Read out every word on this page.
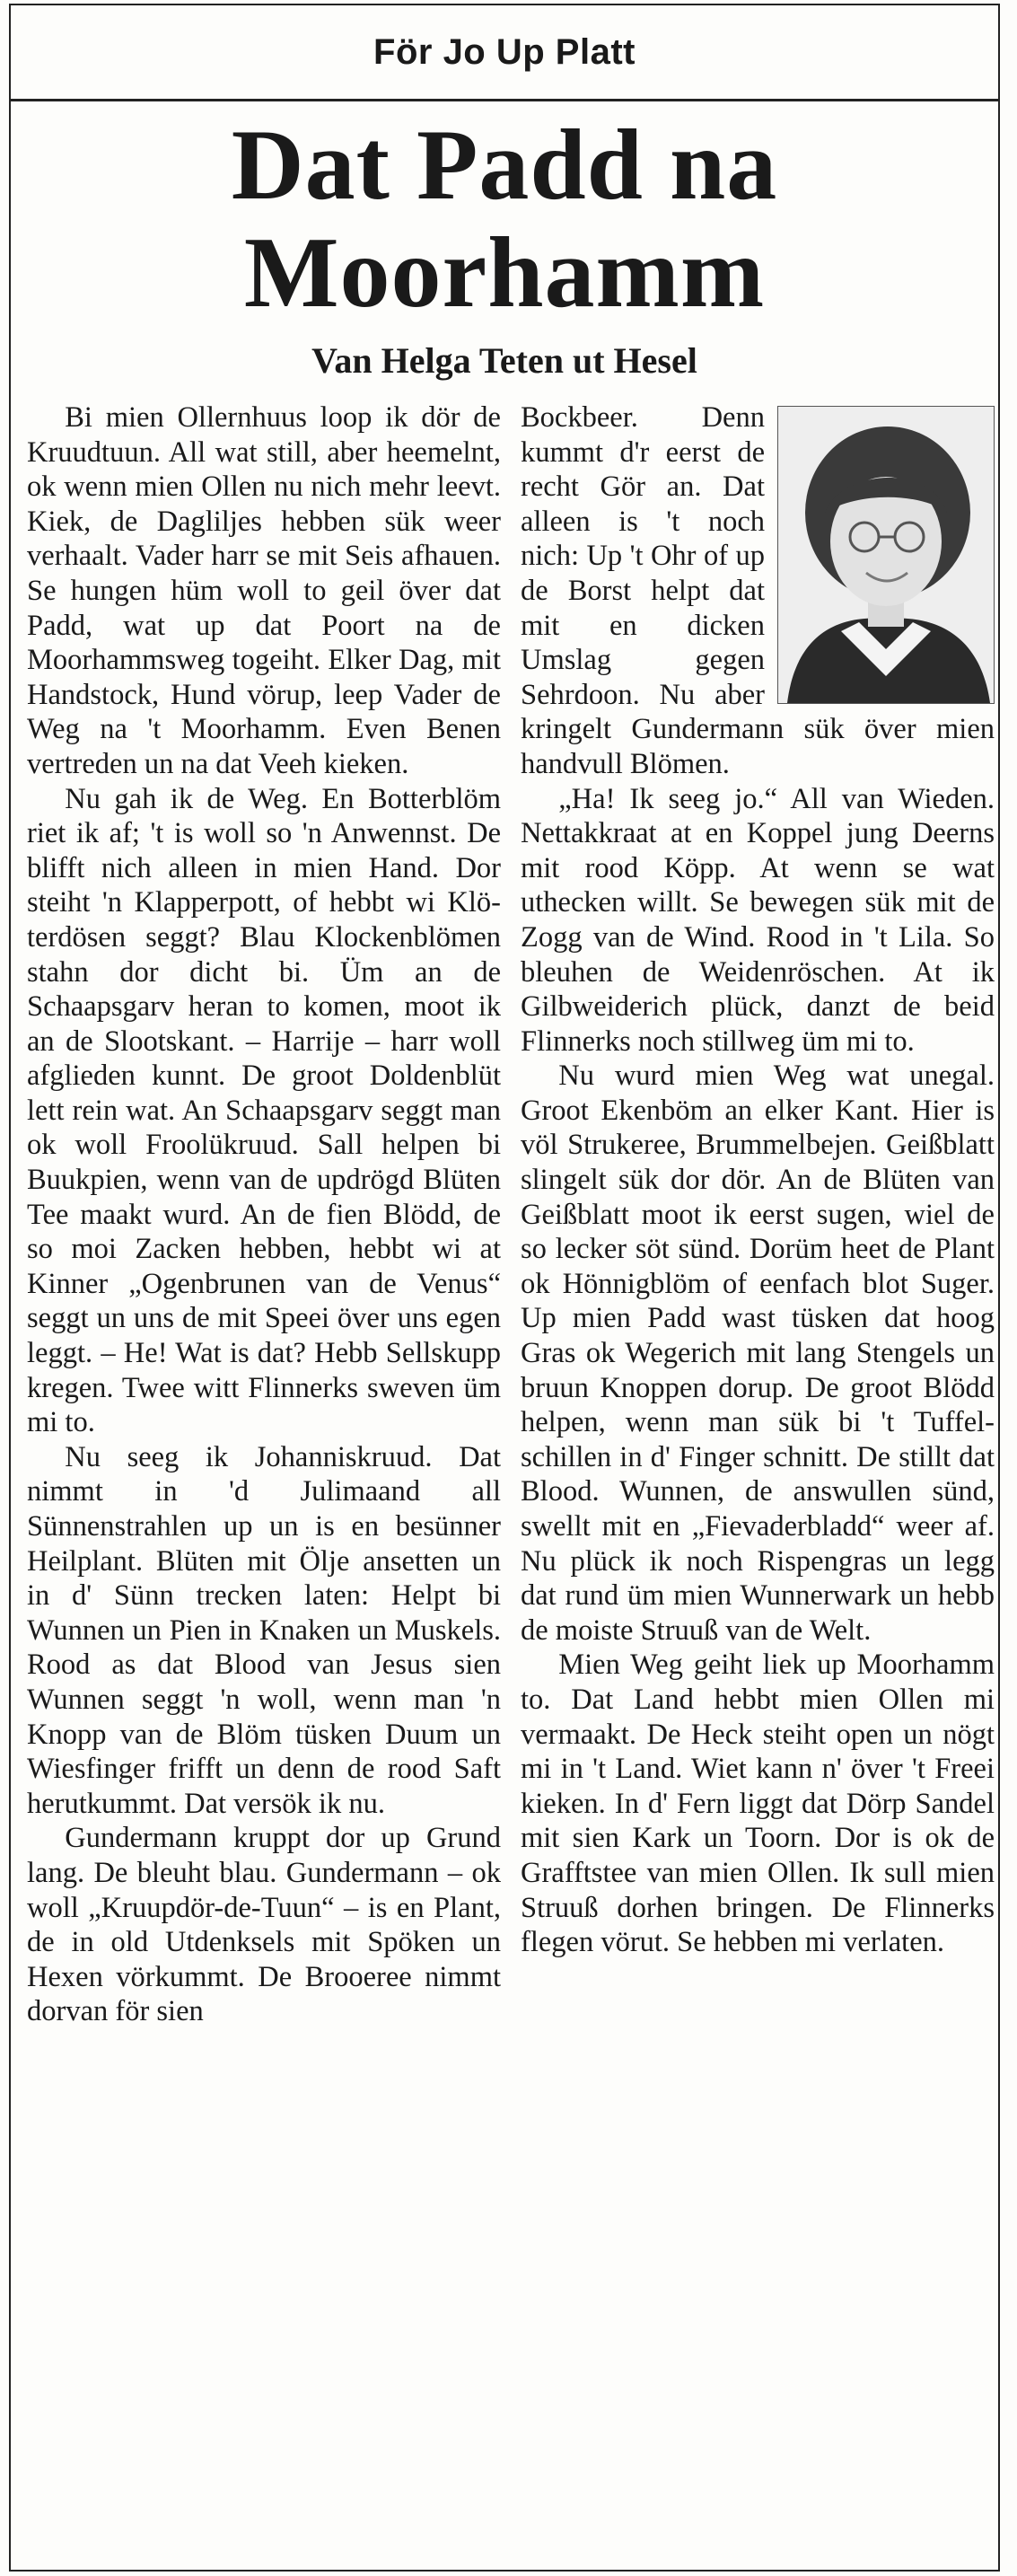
För Jo Up Platt
Dat Padd na
Moorhamm
Van Helga Teten ut Hesel

Bi mien Ollernhuus loop ik dör de Kruudtuun. All wat still, aber heemelnt, ok wenn mien Ollen nu nich mehr leevt. Kiek, de Dagliljes hebben sük weer verhaalt. Vader harr se mit Seis afhauen. Se hungen hüm woll to geil över dat Padd, wat up dat Poort na de Moorhammsweg togeiht. Elker Dag, mit Handstock, Hund vörup, leep Vader de Weg na 't Moorhamm. Even Benen vertreden un na dat Veeh kieken.

Nu gah ik de Weg. En Botterblöm riet ik af; 't is woll so 'n Anwennst. De blifft nich alleen in mien Hand. Dor steiht 'n Klapperpott, of hebbt wi Klöterdösen seggt? Blau Klockenblömen stahn dor dicht bi. Üm an de Schaapsgarv heran to komen, moot ik an de Slootskant. – Harrije – harr woll afglieden kunnt. De groot Doldenblüt lett rein wat. An Schaapsgarv seggt man ok woll Froolükruud. Sall helpen bi Buukpien, wenn van de updrögd Blüten Tee maakt wurd. An de fien Blödd, de so moi Zacken hebben, hebbt wi at Kinner „Ogenbrunen van de Venus“ seggt un uns de mit Speei över uns egen leggt. – He! Wat is dat? Hebb Sellskupp kregen. Twee witt Flinnerks sweven üm mi to.

Nu seeg ik Johanniskruud. Dat nimmt in 'd Julimaand all Sünnenstrahlen up un is en besünner Heilplant. Blüten mit Ölje ansetten un in d' Sünn trecken laten: Helpt bi Wunnen un Pien in Knaken un Muskels. Rood as dat Blood van Jesus sien Wunnen seggt 'n woll, wenn man 'n Knopp van de Blöm tüsken Duum un Wiesfinger frifft un denn de rood Saft herutkummt. Dat versök ik nu.

Gundermann kruppt dor up Grund lang. De bleuht blau. Gundermann – ok woll „Kruupdör-de-Tuun“ – is en Plant, de in old Utdenksels mit Spöken un Hexen vörkummt. De Brooeree nimmt dorvan för sien

Bockbeer. Denn kummt d'r eerst de recht Gör an. Dat alleen is 't noch nich: Up 't Ohr of up de Borst helpt dat mit en dicken Umslag gegen Sehrdoon. Nu aber kringelt Gundermann sük över mien handvull Blömen.

„Ha! Ik seeg jo.“ All van Wieden. Nettakkraat at en Koppel jung Deerns mit rood Köpp. At wenn se wat uthecken willt. Se bewegen sük mit de Zogg van de Wind. Rood in 't Lila. So bleuhen de Weidenröschen. At ik Gilbweiderich plück, danzt de beid Flinnerks noch stillweg üm mi to.

Nu wurd mien Weg wat unegal. Groot Ekenböm an elker Kant. Hier is völ Strukeree, Brummelbejen. Geißblatt slingelt sük dor dör. An de Blüten van Geißblatt moot ik eerst sugen, wiel de so lecker söt sünd. Dorüm heet de Plant ok Hönnigblöm of eenfach blot Suger. Up mien Padd wast tüsken dat hoog Gras ok Wegerich mit lang Stengels un bruun Knoppen dorup. De groot Blödd helpen, wenn man sük bi 't Tuffelschillen in d' Finger schnitt. De stillt dat Blood. Wunnen, de answullen sünd, swellt mit en „Fievaderbladd“ weer af. Nu plück ik noch Rispengras un legg dat rund üm mien Wunnerwark un hebb de moiste Struuß van de Welt.

Mien Weg geiht liek up Moorhamm to. Dat Land hebbt mien Ollen mi vermaakt. De Heck steiht open un nögt mi in 't Land. Wiet kann n' över 't Freei kieken. In d' Fern liggt dat Dörp Sandel mit sien Kark un Toorn. Dor is ok de Grafftstee van mien Ollen. Ik sull mien Struuß dorhen bringen. De Flinnerks flegen vörut. Se hebben mi verlaten.
